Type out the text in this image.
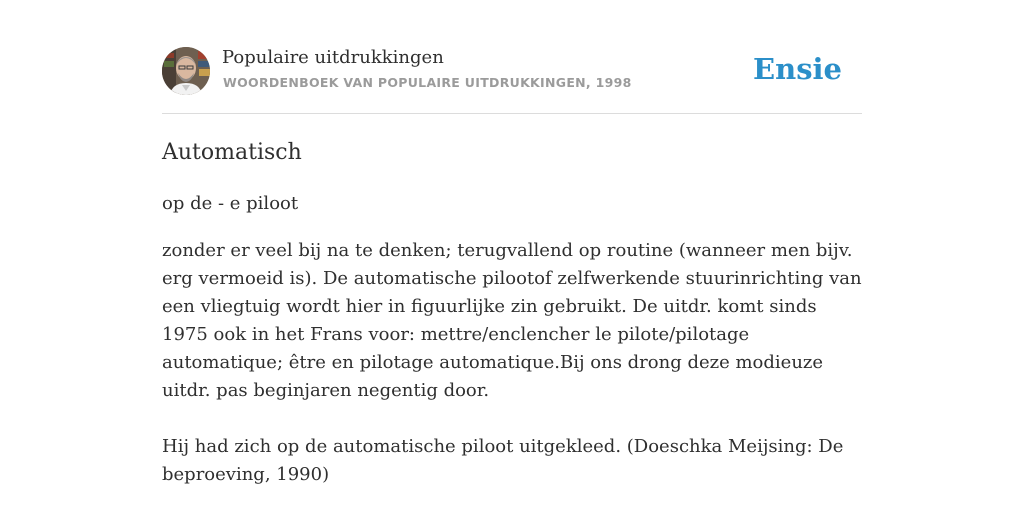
Populaire uitdrukkingen
WOORDENBOEK VAN POPULAIRE UITDRUKKINGEN, 1998	Ensie
Automatisch
op de - e piloot

zonder er veel bij na te denken; terugvallend op routine (wanneer men bijv. erg vermoeid is). De automatische pilootof zelfwerkende stuurinrichting van een vliegtuig wordt hier in figuurlijke zin gebruikt. De uitdr. komt sinds 1975 ook in het Frans voor: mettre/enclencher le pilote/pilotage automatique; être en pilotage automatique.Bij ons drong deze modieuze uitdr. pas beginjaren negentig door.

Hij had zich op de automatische piloot uitgekleed. (Doeschka Meijsing: De beproeving, 1990)
